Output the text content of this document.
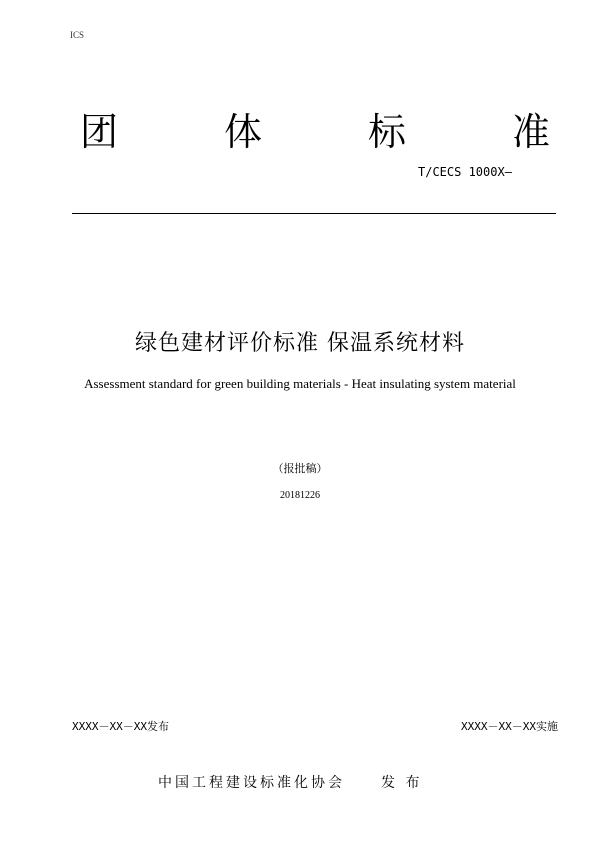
ICS
团	体	标	准
T/CECS 1000X—
绿色建材评价标准 保温系统材料
Assessment standard for green building materials - Heat insulating system material
（报批稿）
20181226
XXXX－XX－XX发布	XXXX－XX－XX实施
中国工程建设标准化协会	发 布
